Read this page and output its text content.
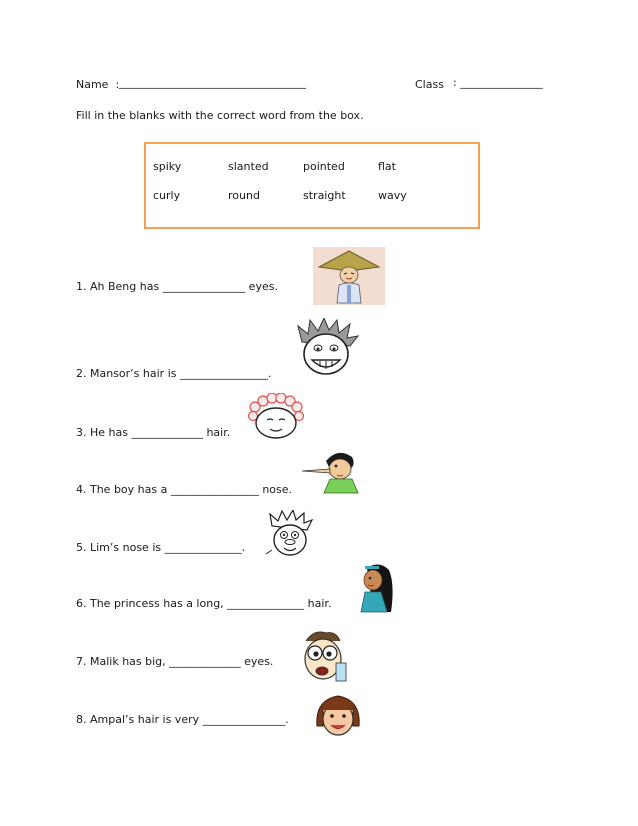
Name  : __________________________________	Class : _______________
Fill in the blanks with the correct word from the box.
spiky	slanted	pointed	flat
curly	round	straight	wavy
1. Ah Beng has _______________ eyes.
2. Mansor’s hair is ________________.
3. He has _____________ hair.
4. The boy has a ________________ nose.
5. Lim’s nose is ______________.
6. The princess has a long, ______________ hair.
7. Malik has big, _____________ eyes.
8. Ampal’s hair is very _______________.
